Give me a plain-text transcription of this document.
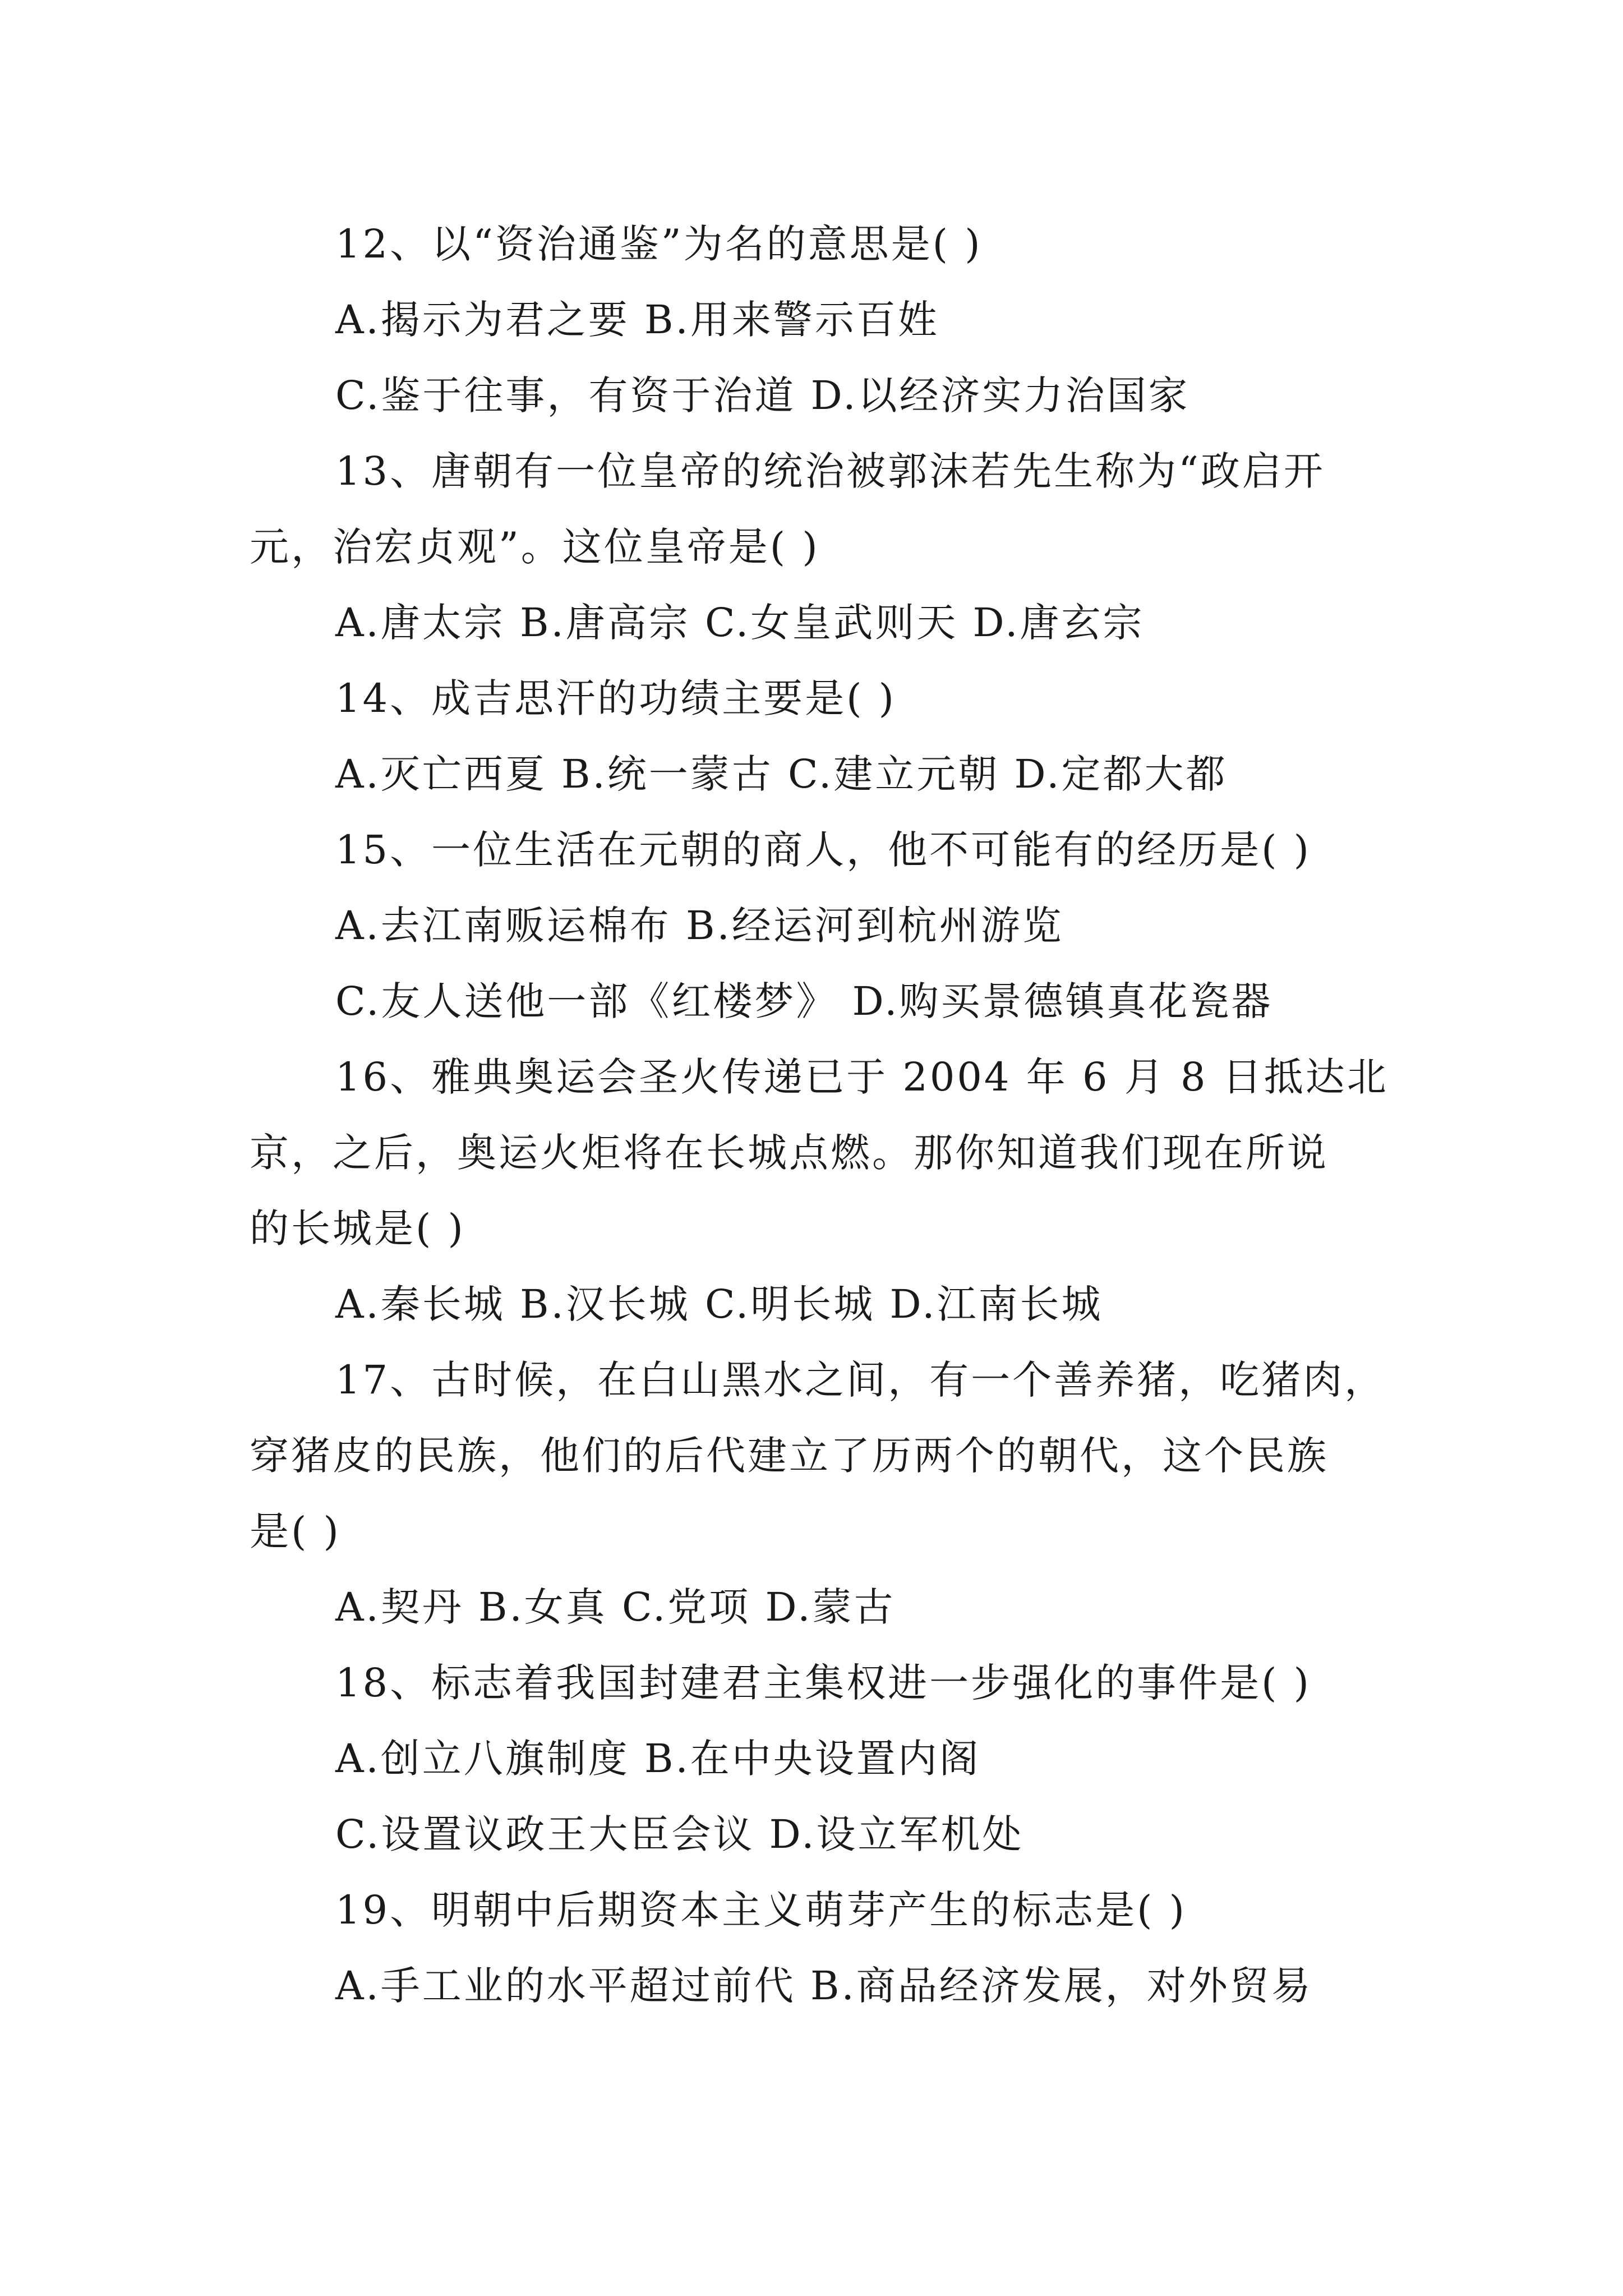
12、以“资治通鉴”为名的意思是( )
A.揭示为君之要 B.用来警示百姓
C.鉴于往事，有资于治道 D.以经济实力治国家
13、唐朝有一位皇帝的统治被郭沫若先生称为“政启开
元，治宏贞观”。这位皇帝是( )
A.唐太宗 B.唐高宗 C.女皇武则天 D.唐玄宗
14、成吉思汗的功绩主要是( )
A.灭亡西夏 B.统一蒙古 C.建立元朝 D.定都大都
15、一位生活在元朝的商人，他不可能有的经历是( )
A.去江南贩运棉布 B.经运河到杭州游览
C.友人送他一部《红楼梦》 D.购买景德镇真花瓷器
16、雅典奥运会圣火传递已于 2004 年 6 月 8 日抵达北
京，之后，奥运火炬将在长城点燃。那你知道我们现在所说
的长城是( )
A.秦长城 B.汉长城 C.明长城 D.江南长城
17、古时候，在白山黑水之间，有一个善养猪，吃猪肉，
穿猪皮的民族，他们的后代建立了历两个的朝代，这个民族
是( )
A.契丹 B.女真 C.党项 D.蒙古
18、标志着我国封建君主集权进一步强化的事件是( )
A.创立八旗制度 B.在中央设置内阁
C.设置议政王大臣会议 D.设立军机处
19、明朝中后期资本主义萌芽产生的标志是( )
A.手工业的水平超过前代 B.商品经济发展，对外贸易
